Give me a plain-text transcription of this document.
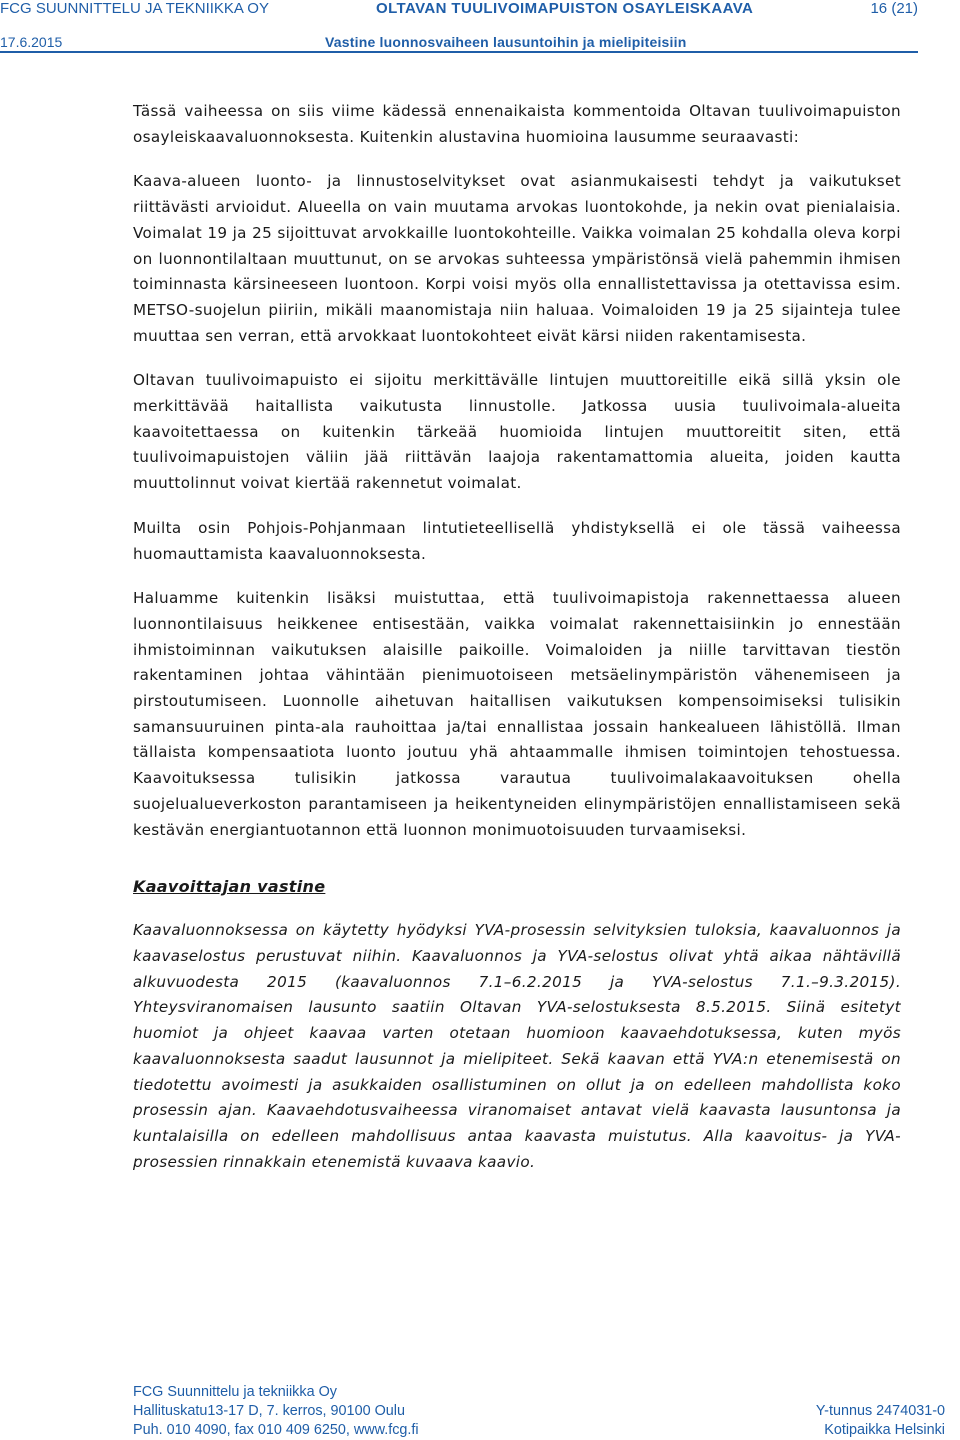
FCG SUUNNITTELU JA TEKNIIKKA OY	OLTAVAN TUULIVOIMAPUISTON OSAYLEISKAAVA	16 (21)
17.6.2015	Vastine luonnosvaiheen lausuntoihin ja mielipiteisiin

Tässä vaiheessa on siis viime kädessä ennenaikaista kommentoida Oltavan tuulivoimapuiston osayleiskaavaluonnoksesta. Kuitenkin alustavina huomioina lausumme seuraavasti:

Kaava-alueen luonto- ja linnustoselvitykset ovat asianmukaisesti tehdyt ja vaikutukset riittävästi arvioidut. Alueella on vain muutama arvokas luontokohde, ja nekin ovat pienialaisia. Voimalat 19 ja 25 sijoittuvat arvokkaille luontokohteille. Vaikka voimalan 25 kohdalla oleva korpi on luonnontilaltaan muuttunut, on se arvokas suhteessa ympäristönsä vielä pahemmin ihmisen toiminnasta kärsineeseen luontoon. Korpi voisi myös olla ennallistettavissa ja otettavissa esim. METSO-suojelun piiriin, mikäli maanomistaja niin haluaa. Voimaloiden 19 ja 25 sijainteja tulee muuttaa sen verran, että arvokkaat luontokohteet eivät kärsi niiden rakentamisesta.

Oltavan tuulivoimapuisto ei sijoitu merkittävälle lintujen muuttoreitille eikä sillä yksin ole merkittävää haitallista vaikutusta linnustolle. Jatkossa uusia tuulivoimala-alueita kaavoitettaessa on kuitenkin tärkeää huomioida lintujen muuttoreitit siten, että tuulivoimapuistojen väliin jää riittävän laajoja rakentamattomia alueita, joiden kautta muuttolinnut voivat kiertää rakennetut voimalat.

Muilta osin Pohjois-Pohjanmaan lintutieteellisellä yhdistyksellä ei ole tässä vaiheessa huomauttamista kaavaluonnoksesta.

Haluamme kuitenkin lisäksi muistuttaa, että tuulivoimapistoja rakennettaessa alueen luonnontilaisuus heikkenee entisestään, vaikka voimalat rakennettaisiinkin jo ennestään ihmistoiminnan vaikutuksen alaisille paikoille. Voimaloiden ja niille tarvittavan tiestön rakentaminen johtaa vähintään pienimuotoiseen metsäelinympäristön vähenemiseen ja pirstoutumiseen. Luonnolle aihetuvan haitallisen vaikutuksen kompensoimiseksi tulisikin samansuuruinen pinta-ala rauhoittaa ja/tai ennallistaa jossain hankealueen lähistöllä. Ilman tällaista kompensaatiota luonto joutuu yhä ahtaammalle ihmisen toimintojen tehostuessa. Kaavoituksessa tulisikin jatkossa varautua tuulivoimalakaavoituksen ohella suojelualueverkoston parantamiseen ja heikentyneiden elinympäristöjen ennallistamiseen sekä kestävän energiantuotannon että luonnon monimuotoisuuden turvaamiseksi.

Kaavoittajan vastine

Kaavaluonnoksessa on käytetty hyödyksi YVA-prosessin selvityksien tuloksia, kaavaluonnos ja kaavaselostus perustuvat niihin. Kaavaluonnos ja YVA-selostus olivat yhtä aikaa nähtävillä alkuvuodesta 2015 (kaavaluonnos 7.1–6.2.2015 ja YVA-selostus 7.1.–9.3.2015). Yhteysviranomaisen lausunto saatiin Oltavan YVA-selostuksesta 8.5.2015. Siinä esitetyt huomiot ja ohjeet kaavaa varten otetaan huomioon kaavaehdotuksessa, kuten myös kaavaluonnoksesta saadut lausunnot ja mielipiteet. Sekä kaavan että YVA:n etenemisestä on tiedotettu avoimesti ja asukkaiden osallistuminen on ollut ja on edelleen mahdollista koko prosessin ajan. Kaavaehdotusvaiheessa viranomaiset antavat vielä kaavasta lausuntonsa ja kuntalaisilla on edelleen mahdollisuus antaa kaavasta muistutus. Alla kaavoitus- ja YVA-prosessien rinnakkain etenemistä kuvaava kaavio.

FCG Suunnittelu ja tekniikka Oy
Hallituskatu13-17 D, 7. kerros, 90100 Oulu
Puh. 010 4090, fax 010 409 6250, www.fcg.fi
Y-tunnus 2474031-0
Kotipaikka Helsinki
